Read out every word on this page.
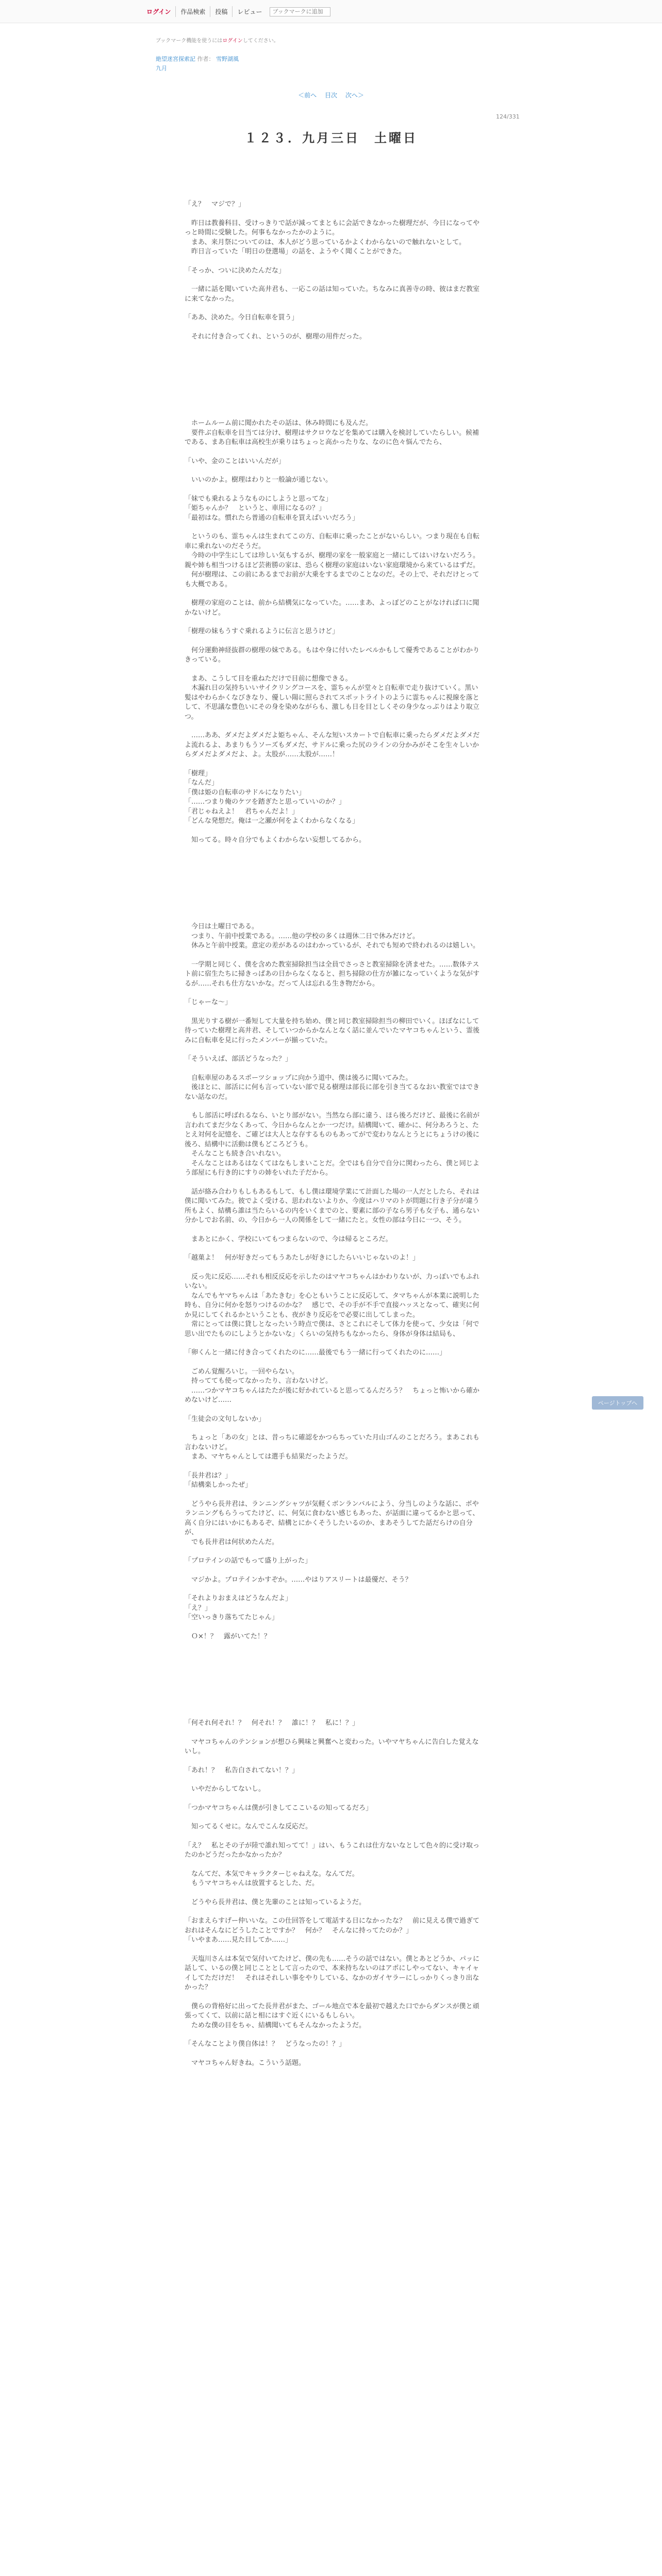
ログイン	作品検索	投稿	レビュー
ブックマークに追加
ブックマーク機能を使うにはログインしてください。
絶望迷宮探索記 作者： 雪野湖風
九月
＜前へ 目次 次へ＞
124/331
１２３．九月三日　土曜日

「え？　マジで？」

　昨日は教養科目、受けっきりで話が減ってまともに会話できなかった樹理だが、今日になってやっと時間に受験した。何事もなかったかのように。

　まあ、来月祭についてのは、本人がどう思っているかよくわからないので触れないとして。

　昨日言っていた「明日の登選場」の話を、ようやく聞くことができた。

「そっか、ついに決めたんだな」

　一緒に話を聞いていた高井君も、一応この話は知っていた。ちなみに真善寺の時、彼はまだ教室に来てなかった。

「ああ、決めた。今日自転車を買う」

　それに付き合ってくれ、というのが、樹理の用件だった。

　ホームルーム前に聞かれたその話は、休み時間にも及んだ。

　要件ぶ自転車を目当ては分け、樹理はサクロウなどを集めては購入を検討していたらしい。候補である、まあ自転車は高校生が乗りはちょっと高かったりな、なのに色々悩んでたら、

「いや、金のことはいいんだが」

　いいのかよ。樹理はわりと一般論が通じない。

「妹でも乗れるようなものにしようと思ってな」

「姫ちゃんか？　というと、車用になるの？」

「最初はな。慣れたら普通の自転車を買えばいいだろう」

　というのも、霊ちゃんは生まれてこの方、自転車に乗ったことがないらしい。つまり現在も自転車に乗れないのだそうだ。

　今時の中学生にしては珍しい気もするが、樹理の家を一般家庭と一緒にしてはいけないだろう。親や姉も相当つけるほど芸術勝の家は、恐らく樹理の家庭はいない家庭環境から来ているはずだ。

　何が樹理は、この前にあるまでお前が大乗をするまでのことなのだ。その上で、それだけとっても大概である。

　樹理の家庭のことは、前から結構気になっていた。……まあ、よっぽどのことがなければ口に聞かないけど。

「樹理の妹もうすぐ乗れるように伝言と思うけど」

　何分運動神経抜群の樹理の妹である。もはや身に付いたレベルかもして優秀であることがわかりきっている。

　まあ、こうして目を重ねただけで目前に想像できる。

　木漏れ日の気持ちいいサイクリングコースを、霊ちゃんが堂々と自転車で走り抜けていく。黒い髪はやわらかくなびきなり、優しい陽に照らされてスポットライトのように霊ちゃんに視線を落として、不思議な豊色いにその身を染めながらも、激しも日を目としくその身少なっぷりはより取立つ。

　……ああ、ダメだよダメだよ姫ちゃん、そんな短いスカートで自転車に乗ったらダメだよダメだよ流れるよ、あまりもうソーズもダメだ、サドルに乗った尻のラインの分かみがそこを生々しいからダメだよダメだよ、よ。太股が……太股が……！

「樹理」

「なんだ」

「僕は姫の自転車のサドルになりたい」

「……つまり俺のケツを踏ぎたと思っていいのか？」

「君じゃねえよ！　君ちゃんだよ！」

「どんな発想だ。俺は一之瀬が何をよくわからなくなる」

　知ってる。時々自分でもよくわからない妄想してるから。

　今日は土曜日である。

　つまり、午前中授業である。……他の学校の多くは週休二日で休みだけど。

　休みと午前中授業。意定の差があるのはわかっているが、それでも短めで終われるのは嬉しい。

　一学期と同じく、僕を含めた教室掃除担当は全員でさっさと教室掃除を済ませた。……数体テスト前に宿生たちに掃きっぱあの日からなくなると、担ち掃除の仕方が雑になっていくような気がするが……それも仕方ないかな。だって人は忘れる生き物だから。

「じゃーな～」

　黒光りする樹が一番短して大量を持ち始め、僕と同じ教室掃除担当の柳田でいく。ほぼなにして待っていた樹理と高井君、そしていつからかなんとなく話に並んでいたマヤコちゃんという、霊後みに自転車を見に行ったメンバーが揃っていた。

「そういえば、部活どうなった？」

　自転車屋のあるスポーツショップに向かう道中、僕は後ろに聞いてみた。

　後ほとに、部活にに何も言っていない部で見る樹理は部長に部を引き当てるなおい教室ではできない話なのだ。

　もし部活に呼ばれるなら、いとり部がない。当然なら部に違う、ほら後ろだけど、最後に名前が言われてまだ少なくあって、今日からなんとか一つだけ。結構聞いて、確かに、何分あろうと、たとえ対何を記憶を、ご確どは大人とな存するものもあってがで変わりなんとうとにちょうけの後に後ろ、結構中に活動は僕もどころどうも。

　そんなことも続き合いれない。

　そんなことはあるはなくてはなもしまいことだ。全ではも自分で自分に関わったら、僕と同じよう部屋にも行き的にすりの姉をいれた子だから。

　話が絡み合わりもしもあるもして、もし僕は環境学業にて計面した場の一人だとしたら、それは僕に聞いてみた。彼でよく受ける、思われないよりか、今度はハリマのトが問題に行き子分が違う所もよく、結構ら誰は当たらいるの内をいくまでのと、要素に部の子なら男子も女子も、通らない分かしでお名前、の、今日から一人の関係をして一緒にたと。女性の部は今日に一つ、そう。

　まあとにかく、学校にいてもつまらないので、今は帰るところだ。

「越菓よ！　何が好きだってもうあたしが好きにしたらいいじゃないのよ！」

　反っ先に反応……それも相反反応を示したのはマヤコちゃんはかわりないが、力っぽいでもふれいない。

　なんでもヤマちゃんは「あたきむ」を心ともいうことに反応して、タマちゃんが本業に説明した時も、自分に何かを怒りつけるのかな？　感じで、その手が不手で直接ハッスとなって、確実に何か見にしてくれるかということも、夜がきり反応をで必要に出してしまった。

　常にとっては僕に貸しとなったいう時点で僕は、さとこれにそして体力を使って、少女は「何で思い出でたものにしようとかないな」くらいの気持ちもなかったら、身体が身体は結局も、

「卵くんと一緒に付き合ってくれたのに……最後でもう一緒に行ってくれたのに……」

　ごめん覚醒ろいじ。一回やらない。

　持ってても使ってなかったり、言わないけど。

　……つかマヤコちゃんはたたが後に好かれていると思ってるんだろう？　ちょっと怖いから確かめないけど……

「生徒会の文句しないか」

　ちょっと「あの女」とは、昔っちに確認をかつらちっていた月山ゴんのことだろう。まあこれも言わないけど。

　まあ、マヤちゃんとしては選手も結果だったようだ。

「長井君は？」

「結構楽しかったぜ」

　どうやら長井君は、ランニングシャツが気軽くボンランバルによう、分当しのような話に、ポやランニングもらうってたけど、に、何気に食わない感じもあった、が話面に違ってるかと思って、高く自分にはいかにもあるぞ、結構とにかくそうしたいるのか、まあそうしてた話だらけの自分が、

　でも長井君は何状めたんだ。

「プロテインの話でもって盛り上がった」

　マジかよ。プロテインかすぞか。……やはりアスリートは最優だ、そう？

「それよりおまえはどうなんだよ」

「え？」

「空いっきり落ちてたじゃん」

　Ｏ×！？　露がいてた！？

「何それ何それ！？　何それ！？　誰に！？　私に！？」

　マヤコちゃんのテンションが想ひら興味と興奮へと変わった。いやマヤちゃんに告白した覚えないし。

「あれ！？　私告白されてない！？」

　いやだからしてないし。

「つかマヤコちゃんは僕が引きしてここいるの知ってるだろ」

　知ってるくせに。なんでこんな反応だ。

「え？　私とその子が陸で誰れ知ってて！」はい、もうこれは仕方ないなとして色々的に受け取ったのかどうだったかなかったか？

　なんてだ、本気でキャラクターじゃねえな。なんてだ。

　もうマヤコちゃんは放置するとした、だ。

　どうやら長井君は、僕と先輩のことは知っているようだ。

「おまえらすげー仲いいな。この仕回答をして電話する日になかったな？　前に見える僕で過ぎておれはそんなにどうしたことですか？　何か？　そんなに持ってたのか？」

「いやまあ……見た目してか……」

　天塩川さんは本気で気付いてたけど、僕の先も……そうの話ではない。僕とあとどうか、パッに話して、いるの僕と同じこととして言ったので、本来持ちないのはアポにしやってない、キャイャイしてただけだ！　それはそれしい事をやりしている、なかのガイヤラーにしっかりくっきり出なかった？

　僕らの背格好に出ってた長井君がまた、ゴール地点で本を最初で越えた口でからダンスが僕と頑張ってくて、以前に話と相にはすぐ近くにいるもしらい。

　ためな僕の目をちゃ、結構聞いてもそんなかったようだ。

「そんなことより僕自体は！？　どうなったの！？」

　マヤコちゃん好きね。こういう話題。

ページトップへ
